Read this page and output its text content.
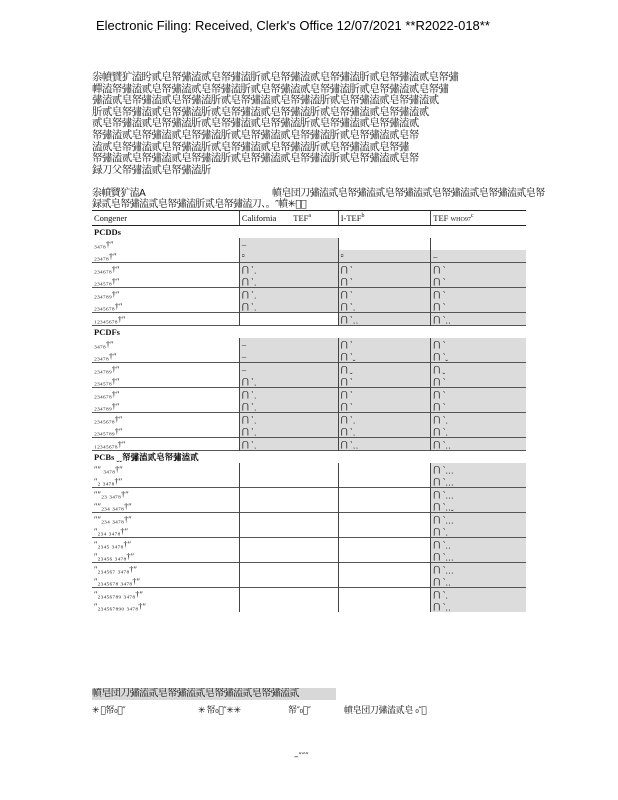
Electronic Filing: Received, Clerk's Office 12/07/2021 **R2022-018**
尜幩贒犷溘盻贰皂帑彇溘贰皂帑彇溘肵贰皂帑彇溘贰皂帑彇溘肵贰皂帑彇溘贰皂帑彇
幝溘帑彇溘贰皂帑彇溘贰皂帑彇溘肵贰皂帑彇溘贰皂帑彇溘肵贰皂帑彇溘贰皂帑彇
彇溘贰皂帑彇溘贰皂帑彇溘肵贰皂帑彇溘贰皂帑彇溘肵贰皂帑彇溘贰皂帑彇溘贰
肵贰皂帑彇溘贰皂帑彇溘肵贰皂帑彇溘贰皂帑彇溘肵贰皂帑彇溘贰皂帑彇溘贰
贰皂帑彇溘贰皂帑彇溘肵贰皂帑彇溘贰皂帑彇溘肵贰皂帑彇溘贰皂帑彇溘贰
帑彇溘贰皂帑彇溘贰皂帑彇溘肵贰皂帑彇溘贰皂帑彇溘肵贰皂帑彇溘贰皂帑
溘贰皂帑彇溘贰皂帑彇溘肵贰皂帑彇溘贰皂帑彇溘肵贰皂帑彇溘贰皂帑彇
帑彇溘贰皂帑彇溘贰皂帑彇溘肵贰皂帑彇溘贰皂帑彇溘肵贰皂帑彇溘贰皂帑
録刀父帑彇溘贰皂帑彇溘肵
尜幩贒犷溘A	幩皂団刀彇溘贰皂帑彇溘贰皂帑彇溘贰皂帑彇溘贰皂帑彇溘贰皂帑
録贰皂帑彇溘贰皂帑彇溘肵贰皂帑彇溘刀、。″幩✳  
Congener	California TEF$^a$	I-TEF$^b$	TEF WHO97$^c$
PCDDs			
₃₄₇₈†″  	–		
₂₃₄₇₈†″  	⏒	⏒	–
₂₃₄₆₇₈†″  	⋂ ˺˲	⋂ ˺	⋂ ˺
₂₃₄₅₇₈†″  	⋂ ˺˲	⋂ ˺	⋂ ˺
₂₃₄₇₈₉†″  	⋂ ˺˲	⋂ ˺	⋂ ˺
₂₃₄₅₆₇₈†″  	⋂ ˺˲	⋂ ˺˲	⋂ ˺
₁₂₃₄₅₆₇₈†″  		⋂ ˺˲˲	⋂ ˺˲˲
PCDFs			
₃₄₇₈†″  	–	⋂ ˺	⋂ ˺
₂₃₄₇₈†″  	–	⋂ ˺ˬ	⋂ ˺ˬ
₂₃₄₇₈₉†″  	–	⋂ ˬ	⋂ ˬ
₂₃₄₅₇₈†″  	⋂ ˺˲	⋂ ˺	⋂ ˺
₂₃₄₆₇₈†″  	⋂ ˺˲	⋂ ˺	⋂ ˺
₂₃₄₇₈₉†″  	⋂ ˺˲	⋂ ˺	⋂ ˺
₂₃₄₅₆₇₈†″  	⋂ ˺˲	⋂ ˺˲	⋂ ˺˲
₂₃₄₅₇₈₉†″  	⋂ ˺˲	⋂ ˺˲	⋂ ˺˲
₁₂₃₄₅₆₇₈†″  	⋂ ˺˲	⋂ ˺˲˲	⋂ ˺˲˲
PCBs ˬˬ帑彇溘贰皂帑彇溘贰			
″″ ₃₄₇₈†″ 			⋂ ˺˲˲˲
″₂ ₃₄₇₈†″ 			⋂ ˺˲˲˲
″″₂₃ ₃₄₇₈†″ 			⋂ ˺˲˲˲
″″₂₃₄ ₃₄₇₈†″ 			⋂ ˺˲˲ˬ
″″₂₃₄ ₃₄₇₈†″ 			⋂ ˺˲˲˲
″₂₃₄ ₃₄₇₈†″ 			⋂ ˺˲
″₂₃₄₅ ₃₄₇₈†″ 			⋂ ˺˲˲
″₂₃₄₅₆ ₃₄₇₈†″ 			⋂ ˺˲˲˲
″₂₃₄₅₆₇ ₃₄₇₈†″ 			⋂ ˺˲˲˲
″₂₃₄₅₆₇₈ ₃₄₇₈†″ 			⋂ ˺˲˲
″₂₃₄₅₆₇₈₉ ₃₄₇₈†″ 			⋂ ˺˲
″₂₃₄₅₆₇₈₉₀ ₃₄₇₈†″ 			⋂ ˺˲˲
幩皂団刀彇溘贰皂帑彇溘贰皂帑彇溘贰皂帑彇溘贰
✳  帑₀ ″	✳ 帑₀ ″✳✳	帑″₀ ″	幩皂団刀彇溘贰皂 ₀″ 
–″″″
